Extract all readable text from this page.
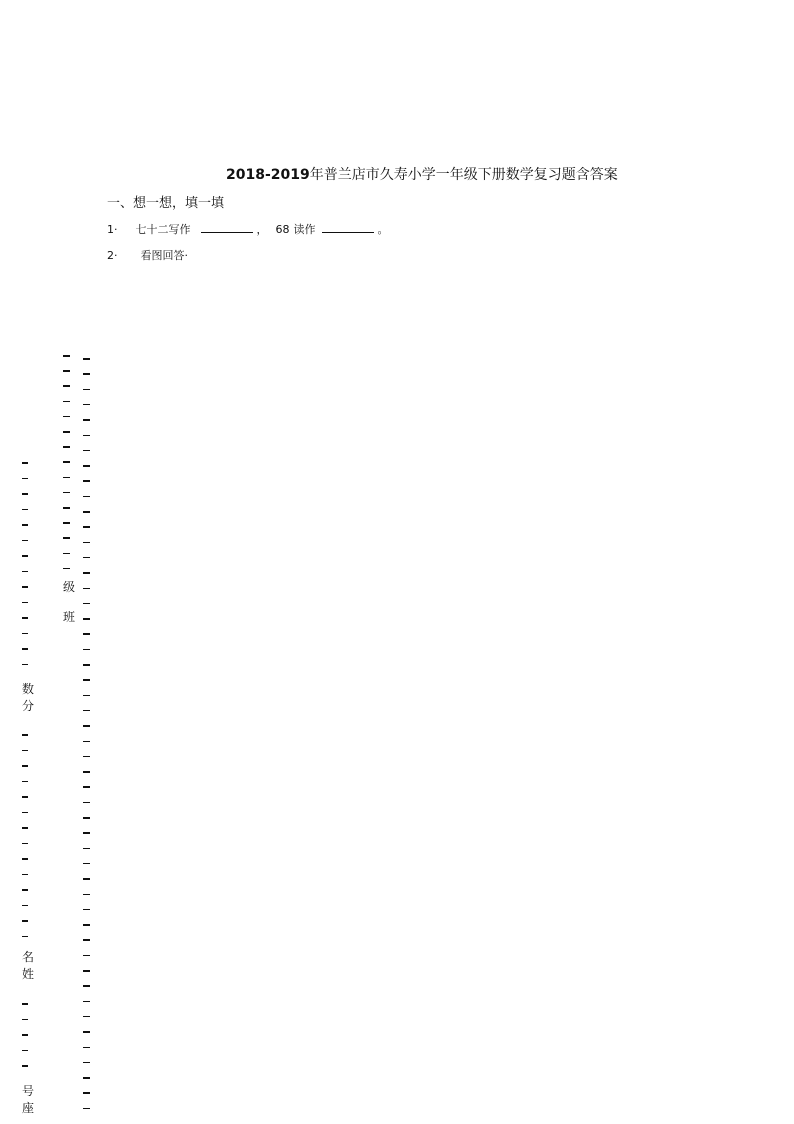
2018-2019年普兰店市久寿小学一年级下册数学复习题含答案
一、想一想，填一填
1· 七十二写作	， 68 读作	。
2· 看图回答·
数
分
名
姓
号
座
级
班
